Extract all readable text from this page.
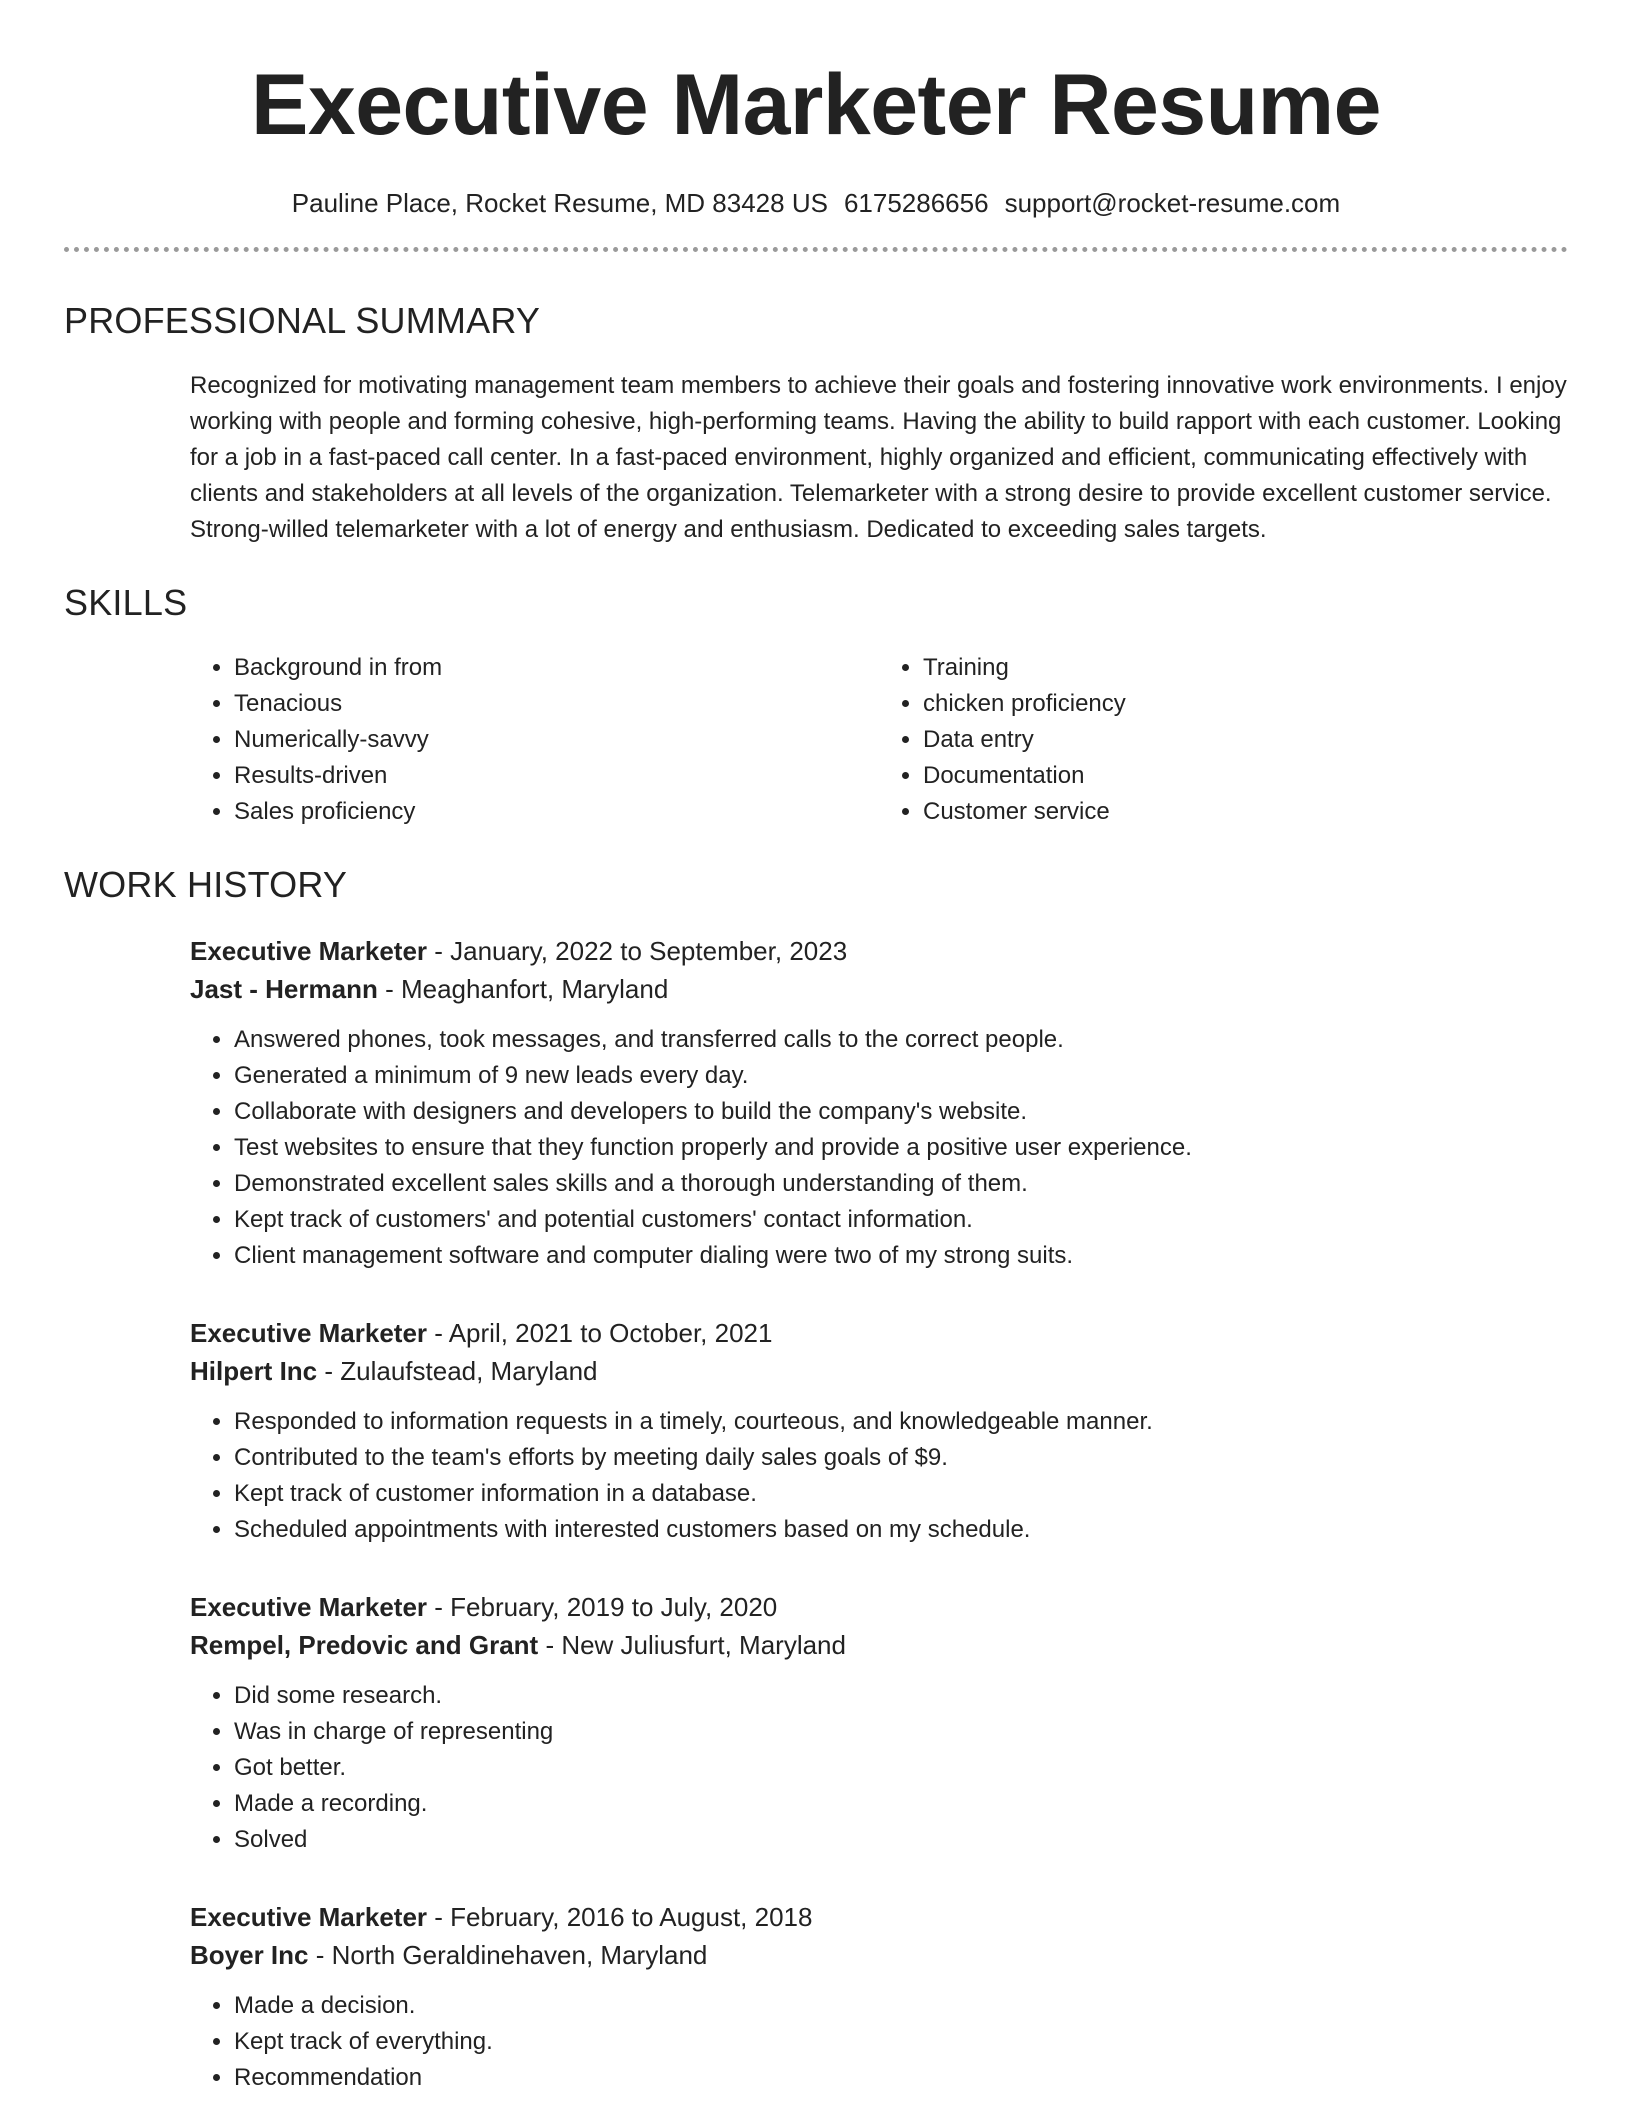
Executive Marketer Resume
Pauline Place, Rocket Resume, MD 83428 US 6175286656 support@rocket-resume.com
PROFESSIONAL SUMMARY
Recognized for motivating management team members to achieve their goals and fostering innovative work environments. I enjoy working with people and forming cohesive, high-performing teams. Having the ability to build rapport with each customer. Looking for a job in a fast-paced call center. In a fast-paced environment, highly organized and efficient, communicating effectively with clients and stakeholders at all levels of the organization. Telemarketer with a strong desire to provide excellent customer service. Strong-willed telemarketer with a lot of energy and enthusiasm. Dedicated to exceeding sales targets.
SKILLS
• Background in from
• Tenacious
• Numerically-savvy
• Results-driven
• Sales proficiency
• Training
• chicken proficiency
• Data entry
• Documentation
• Customer service
WORK HISTORY
Executive Marketer - January, 2022 to September, 2023
Jast - Hermann - Meaghanfort, Maryland
• Answered phones, took messages, and transferred calls to the correct people.
• Generated a minimum of 9 new leads every day.
• Collaborate with designers and developers to build the company's website.
• Test websites to ensure that they function properly and provide a positive user experience.
• Demonstrated excellent sales skills and a thorough understanding of them.
• Kept track of customers' and potential customers' contact information.
• Client management software and computer dialing were two of my strong suits.
Executive Marketer - April, 2021 to October, 2021
Hilpert Inc - Zulaufstead, Maryland
• Responded to information requests in a timely, courteous, and knowledgeable manner.
• Contributed to the team's efforts by meeting daily sales goals of $9.
• Kept track of customer information in a database.
• Scheduled appointments with interested customers based on my schedule.
Executive Marketer - February, 2019 to July, 2020
Rempel, Predovic and Grant - New Juliusfurt, Maryland
• Did some research.
• Was in charge of representing
• Got better.
• Made a recording.
• Solved
Executive Marketer - February, 2016 to August, 2018
Boyer Inc - North Geraldinehaven, Maryland
• Made a decision.
• Kept track of everything.
• Recommendation
